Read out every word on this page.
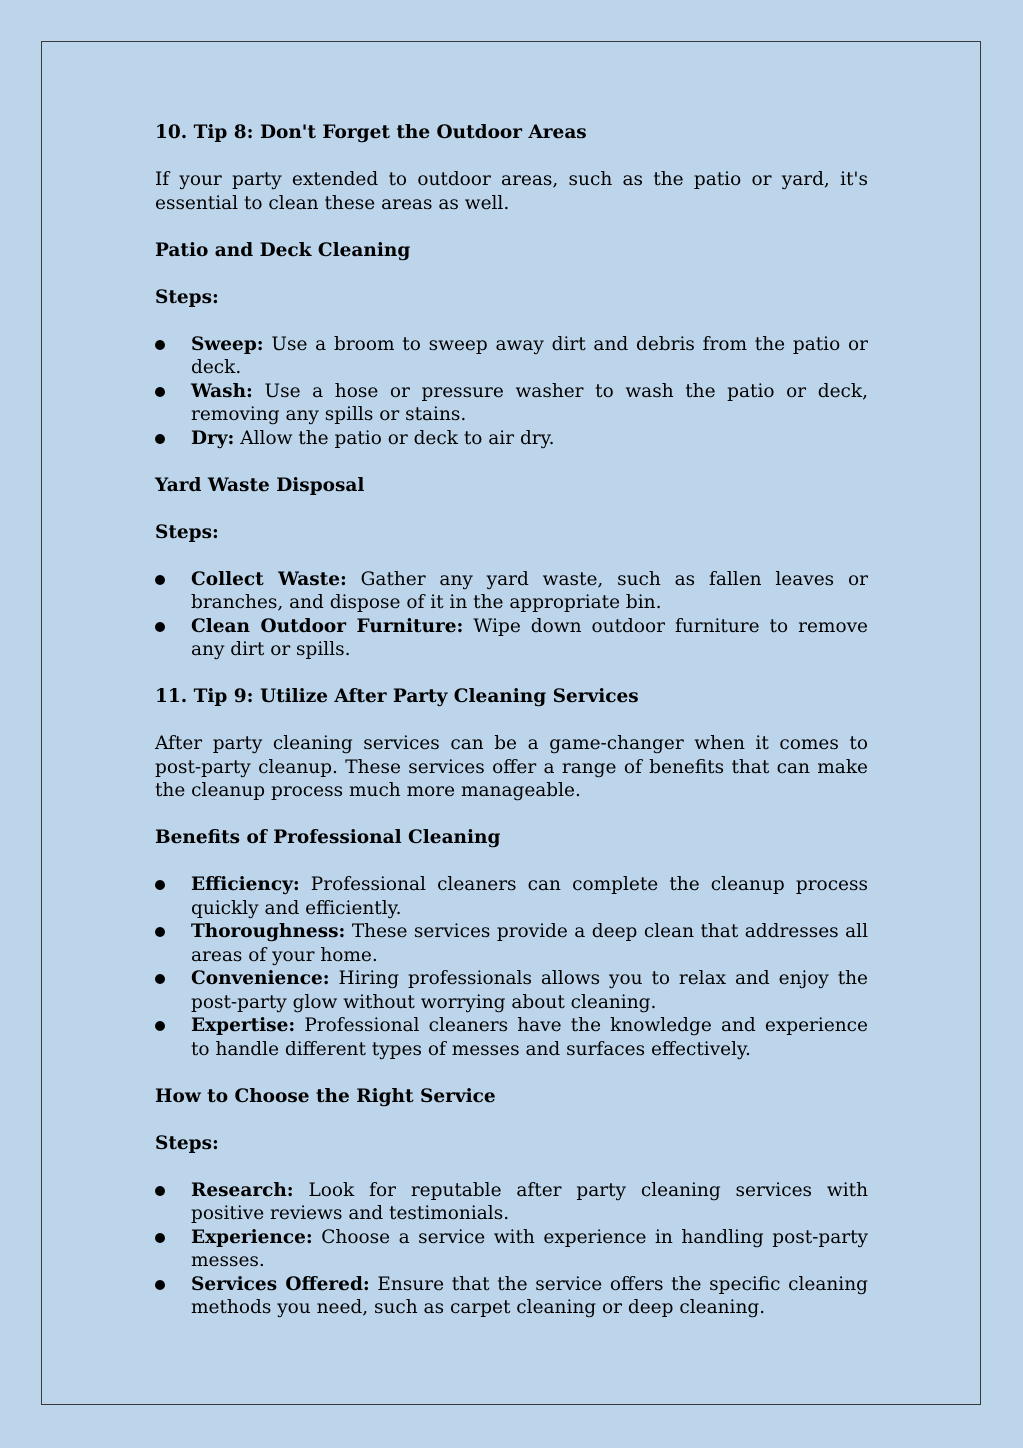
10. Tip 8: Don't Forget the Outdoor Areas

If your party extended to outdoor areas, such as the patio or yard, it's essential to clean these areas as well.

Patio and Deck Cleaning
Steps:
Sweep: Use a broom to sweep away dirt and debris from the patio or deck.
Wash: Use a hose or pressure washer to wash the patio or deck, removing any spills or stains.
Dry: Allow the patio or deck to air dry.
Yard Waste Disposal
Steps:
Collect Waste: Gather any yard waste, such as fallen leaves or branches, and dispose of it in the appropriate bin.
Clean Outdoor Furniture: Wipe down outdoor furniture to remove any dirt or spills.
11. Tip 9: Utilize After Party Cleaning Services

After party cleaning services can be a game-changer when it comes to post-party cleanup. These services offer a range of benefits that can make the cleanup process much more manageable.

Benefits of Professional Cleaning
Efficiency: Professional cleaners can complete the cleanup process quickly and efficiently.
Thoroughness: These services provide a deep clean that addresses all areas of your home.
Convenience: Hiring professionals allows you to relax and enjoy the post-party glow without worrying about cleaning.
Expertise: Professional cleaners have the knowledge and experience to handle different types of messes and surfaces effectively.
How to Choose the Right Service
Steps:
Research: Look for reputable after party cleaning services with positive reviews and testimonials.
Experience: Choose a service with experience in handling post-party messes.
Services Offered: Ensure that the service offers the specific cleaning methods you need, such as carpet cleaning or deep cleaning.
